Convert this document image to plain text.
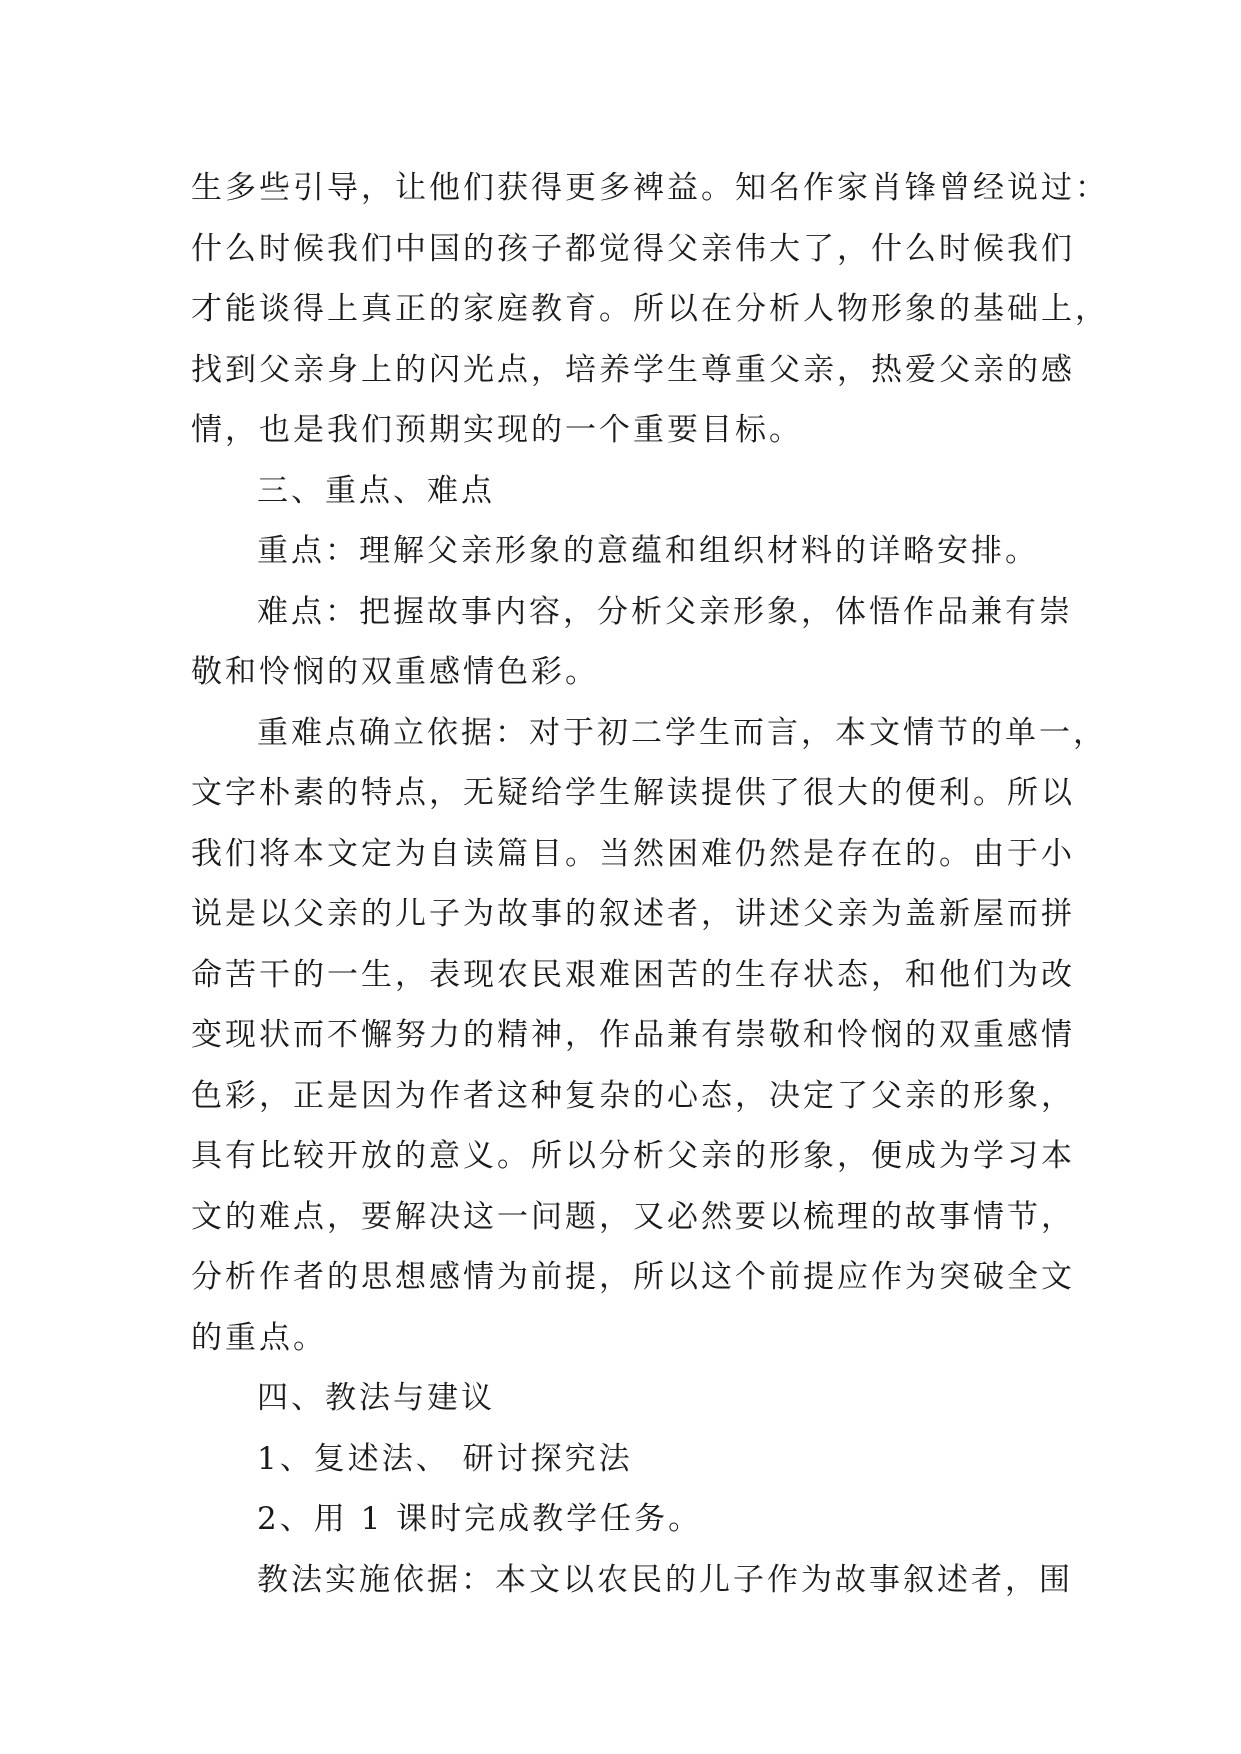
生多些引导，让他们获得更多裨益。知名作家肖锋曾经说过：
什么时候我们中国的孩子都觉得父亲伟大了，什么时候我们
才能谈得上真正的家庭教育。所以在分析人物形象的基础上，
找到父亲身上的闪光点，培养学生尊重父亲，热爱父亲的感
情，也是我们预期实现的一个重要目标。
三、重点、难点
重点：理解父亲形象的意蕴和组织材料的详略安排。
难点：把握故事内容，分析父亲形象，体悟作品兼有崇
敬和怜悯的双重感情色彩。
重难点确立依据：对于初二学生而言，本文情节的单一，
文字朴素的特点，无疑给学生解读提供了很大的便利。所以
我们将本文定为自读篇目。当然困难仍然是存在的。由于小
说是以父亲的儿子为故事的叙述者，讲述父亲为盖新屋而拼
命苦干的一生，表现农民艰难困苦的生存状态，和他们为改
变现状而不懈努力的精神，作品兼有崇敬和怜悯的双重感情
色彩，正是因为作者这种复杂的心态，决定了父亲的形象，
具有比较开放的意义。所以分析父亲的形象，便成为学习本
文的难点，要解决这一问题，又必然要以梳理的故事情节，
分析作者的思想感情为前提，所以这个前提应作为突破全文
的重点。
四、教法与建议
1、复述法、 研讨探究法
2、用 1 课时完成教学任务。
教法实施依据：本文以农民的儿子作为故事叙述者，围
